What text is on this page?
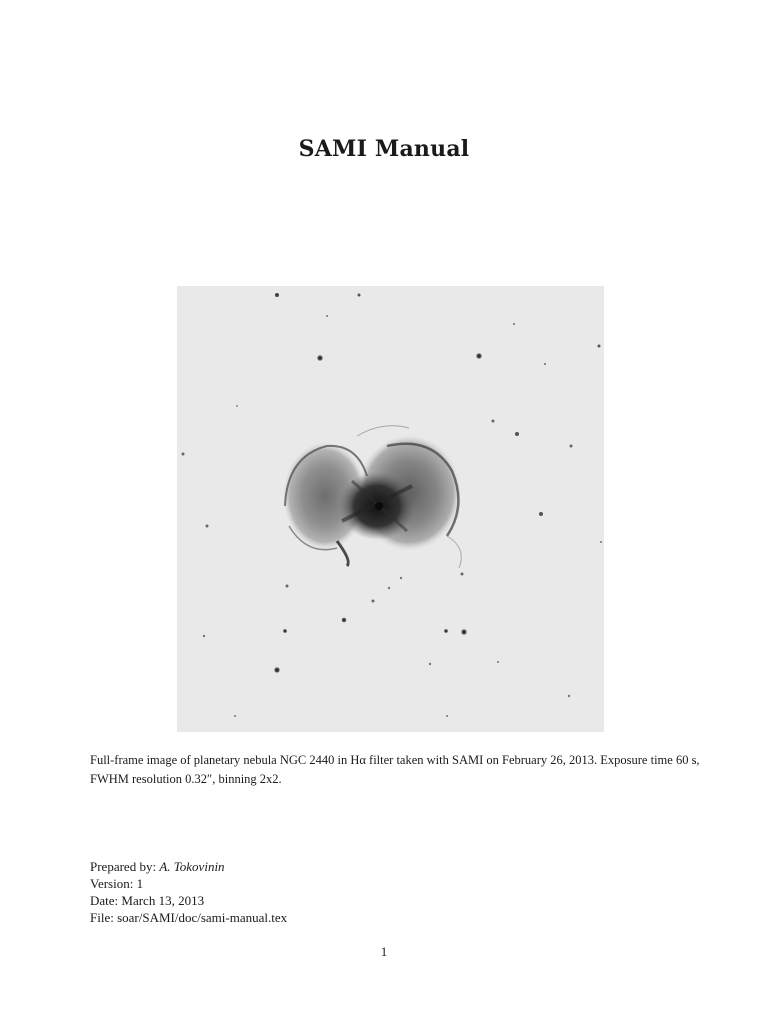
SAMI Manual
Full-frame image of planetary nebula NGC 2440 in Hα filter taken with SAMI on February 26, 2013. Exposure time 60 s, FWHM resolution 0.32″, binning 2x2.
Prepared by: A. Tokovinin
Version: 1
Date: March 13, 2013
File: soar/SAMI/doc/sami-manual.tex
1
